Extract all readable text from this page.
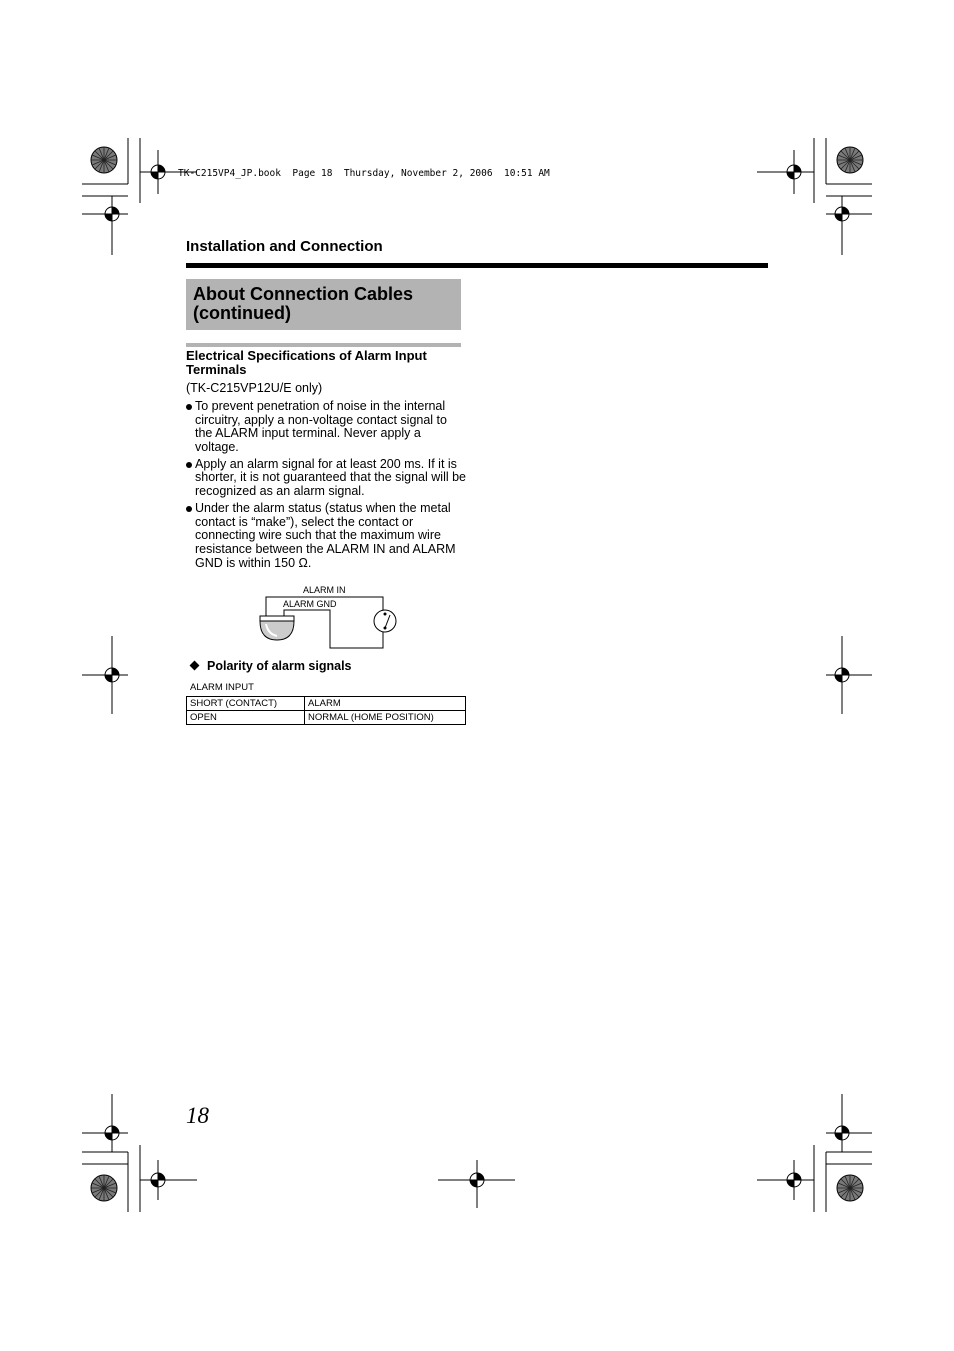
TK-C215VP4_JP.book  Page 18  Thursday, November 2, 2006  10:51 AM
Installation and Connection
About Connection Cables
(continued)
Electrical Specifications of Alarm Input Terminals
(TK-C215VP12U/E only)
To prevent penetration of noise in the internal circuitry, apply a non-voltage contact signal to the ALARM input terminal. Never apply a voltage.
Apply an alarm signal for at least 200 ms. If it is shorter, it is not guaranteed that the signal will be recognized as an alarm signal.
Under the alarm status (status when the metal contact is “make”), select the contact or connecting wire such that the maximum wire resistance between the ALARM IN and ALARM GND is within 150 Ω.
ALARM IN
ALARM GND
Polarity of alarm signals
ALARM INPUT
SHORT (CONTACT)	ALARM
OPEN	NORMAL (HOME POSITION)
18
